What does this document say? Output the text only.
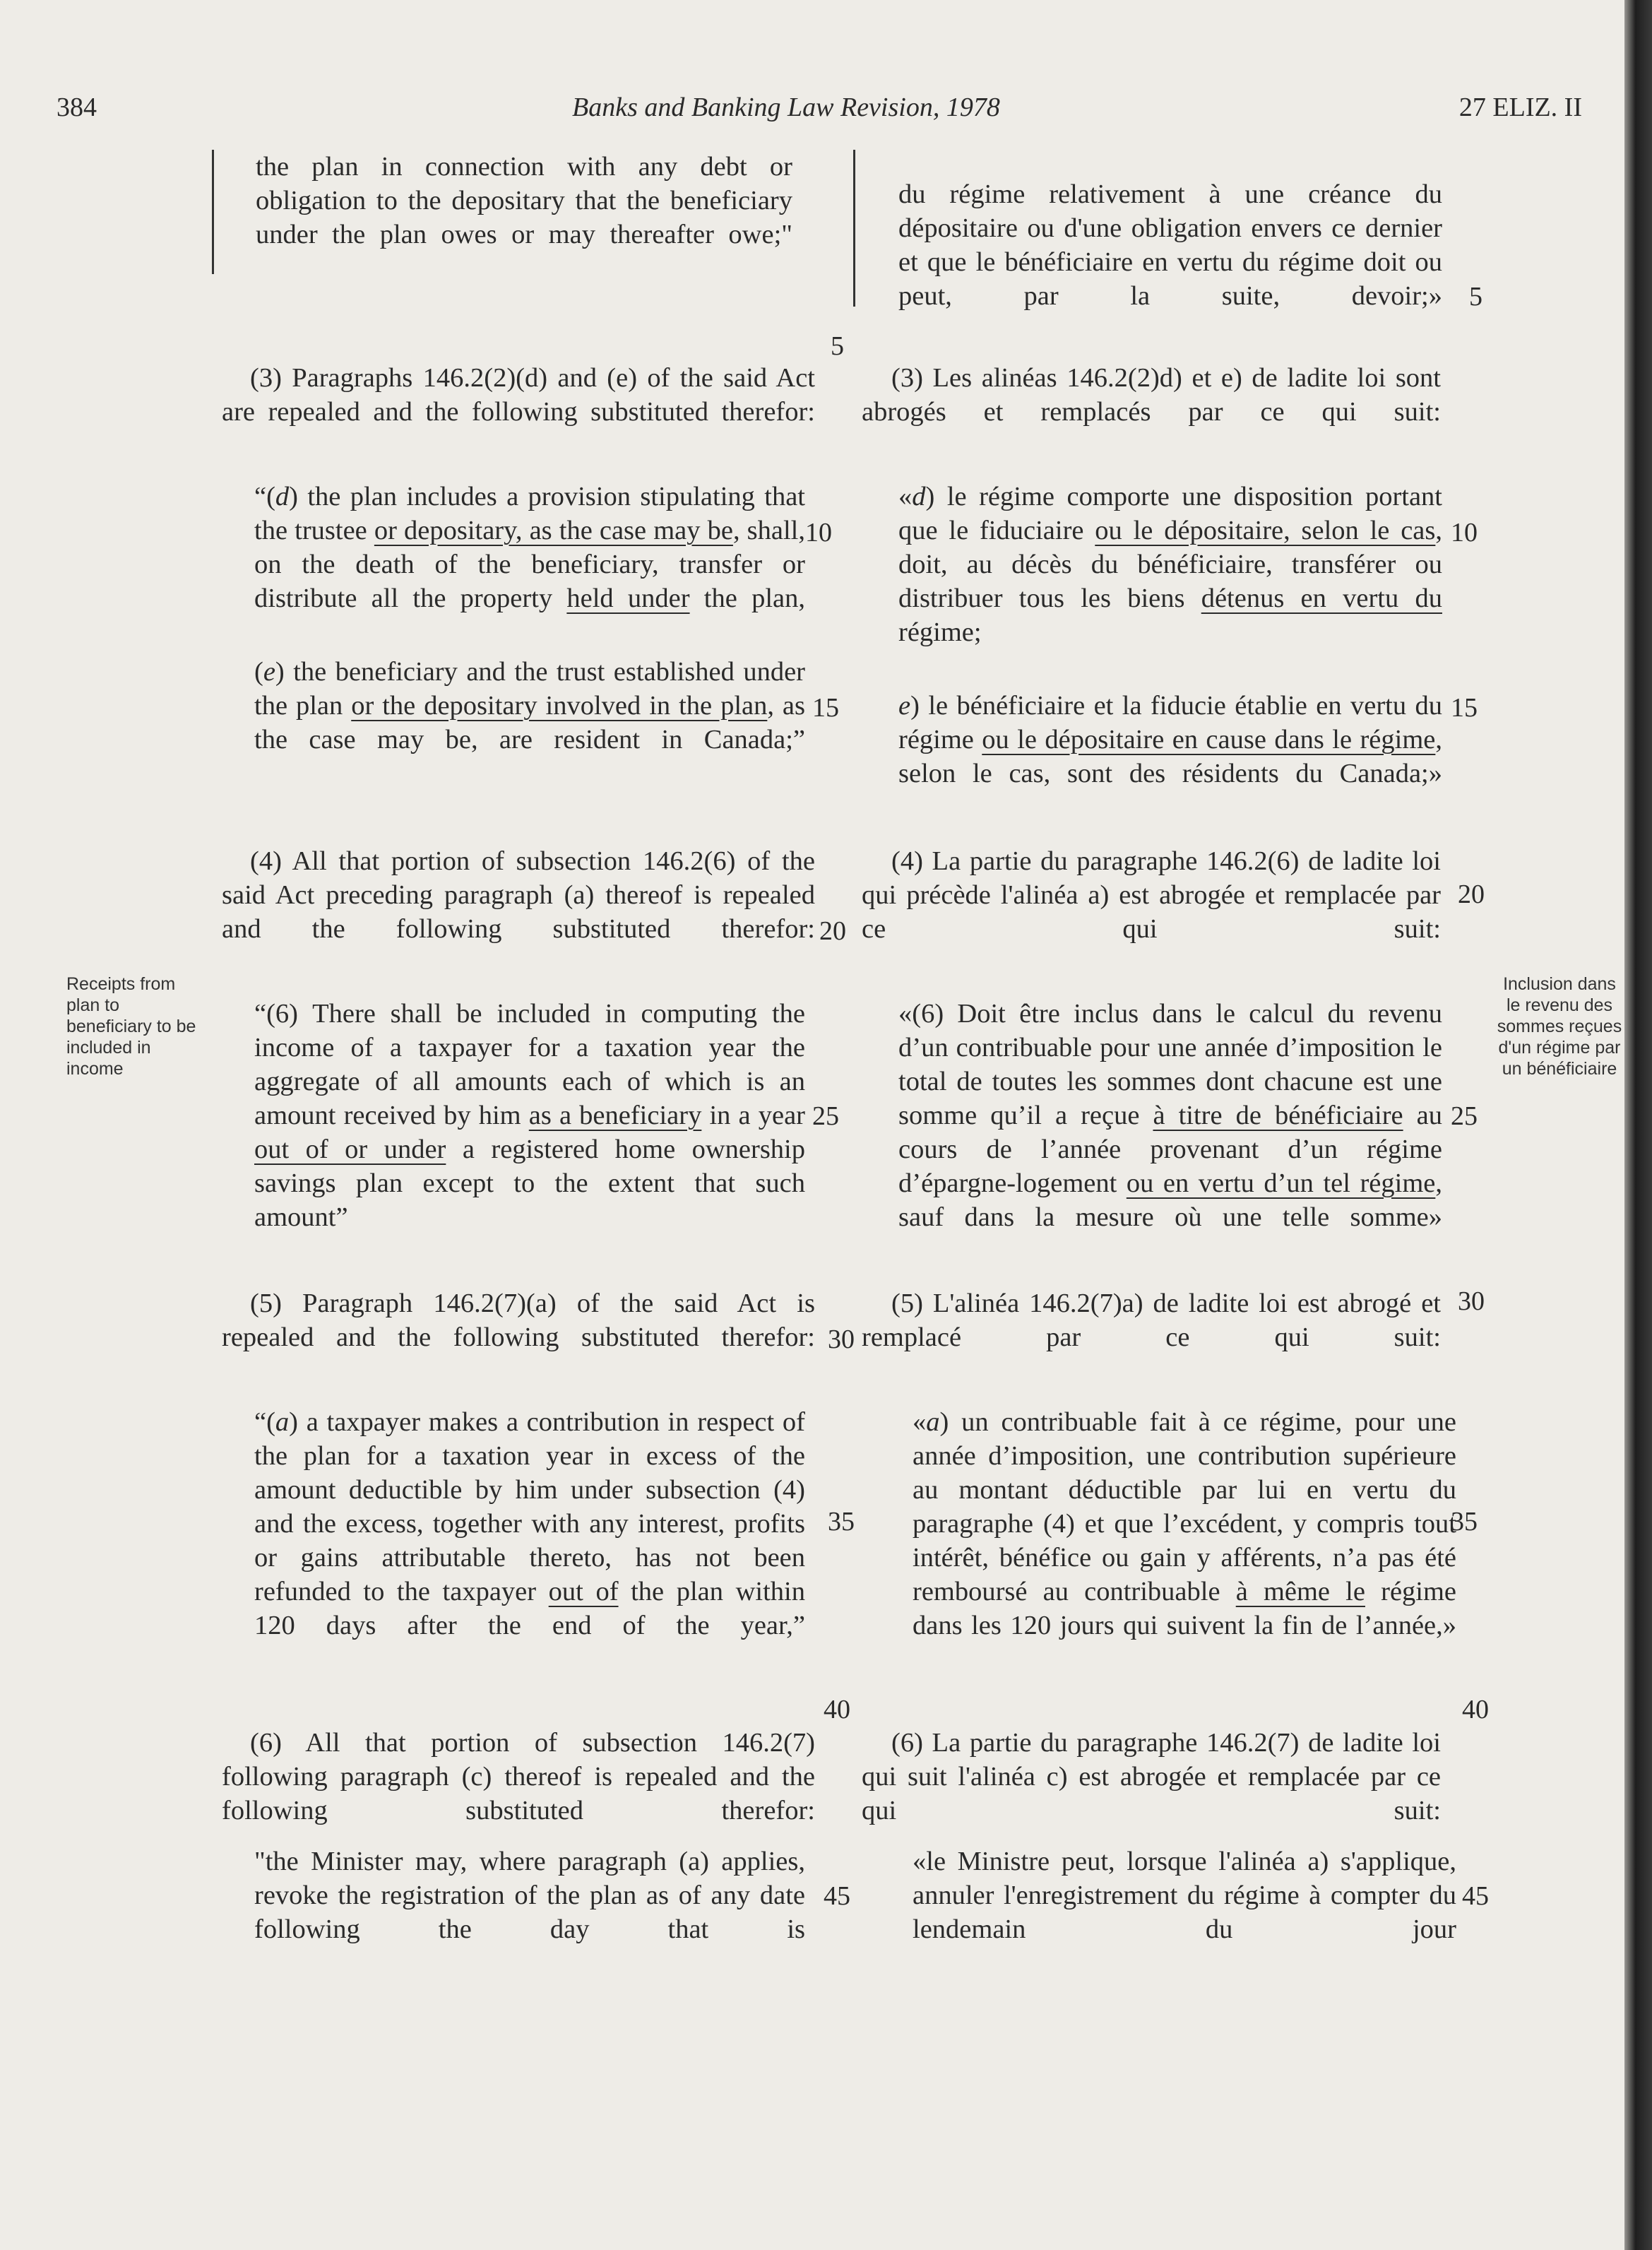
384	Banks and Banking Law Revision, 1978	27 ELIZ. II
Receipts from plan to beneficiary to be included in income
Inclusion dans le revenu des sommes reçues d'un régime par un bénéficiaire
5
5
10	10
15	15
20
20
25	25
30
30
35	35
40	40
45	45

the plan in connection with any debt or obligation to the depositary that the beneficiary under the plan owes or may thereafter owe;"

(3) Paragraphs 146.2(2)(d) and (e) of the said Act are repealed and the following substituted therefor:

“(d) the plan includes a provision stipulating that the trustee or depositary, as the case may be, shall, on the death of the beneficiary, transfer or distribute all the property held under the plan,

(e) the beneficiary and the trust established under the plan or the depositary involved in the plan, as the case may be, are resident in Canada;”

(4) All that portion of subsection 146.2(6) of the said Act preceding paragraph (a) thereof is repealed and the following substituted therefor:

“(6) There shall be included in computing the income of a taxpayer for a taxation year the aggregate of all amounts each of which is an amount received by him as a beneficiary in a year out of or under a registered home ownership savings plan except to the extent that such amount”

(5) Paragraph 146.2(7)(a) of the said Act is repealed and the following substituted therefor:

“(a) a taxpayer makes a contribution in respect of the plan for a taxation year in excess of the amount deductible by him under subsection (4) and the excess, together with any interest, profits or gains attributable thereto, has not been refunded to the taxpayer out of the plan within 120 days after the end of the year,”

(6) All that portion of subsection 146.2(7) following paragraph (c) thereof is repealed and the following substituted therefor:

"the Minister may, where paragraph (a) applies, revoke the registration of the plan as of any date following the day that is

du régime relativement à une créance du dépositaire ou d'une obligation envers ce dernier et que le bénéficiaire en vertu du régime doit ou peut, par la suite, devoir;»

(3) Les alinéas 146.2(2)d) et e) de ladite loi sont abrogés et remplacés par ce qui suit:

«d) le régime comporte une disposition portant que le fiduciaire ou le dépositaire, selon le cas, doit, au décès du bénéficiaire, transférer ou distribuer tous les biens détenus en vertu du régime;

e) le bénéficiaire et la fiducie établie en vertu du régime ou le dépositaire en cause dans le régime, selon le cas, sont des résidents du Canada;»

(4) La partie du paragraphe 146.2(6) de ladite loi qui précède l'alinéa a) est abrogée et remplacée par ce qui suit:

«(6) Doit être inclus dans le calcul du revenu d’un contribuable pour une année d’imposition le total de toutes les sommes dont chacune est une somme qu’il a reçue à titre de bénéficiaire au cours de l’année provenant d’un régime d’épargne-logement ou en vertu d’un tel régime, sauf dans la mesure où une telle somme»

(5) L'alinéa 146.2(7)a) de ladite loi est abrogé et remplacé par ce qui suit:

«a) un contribuable fait à ce régime, pour une année d’imposition, une contribution supérieure au montant déductible par lui en vertu du paragraphe (4) et que l’excédent, y compris tout intérêt, bénéfice ou gain y afférents, n’a pas été remboursé au contribuable à même le régime dans les 120 jours qui suivent la fin de l’année,»

(6) La partie du paragraphe 146.2(7) de ladite loi qui suit l'alinéa c) est abrogée et remplacée par ce qui suit:

«le Ministre peut, lorsque l'alinéa a) s'applique, annuler l'enregistrement du régime à compter du lendemain du jour
